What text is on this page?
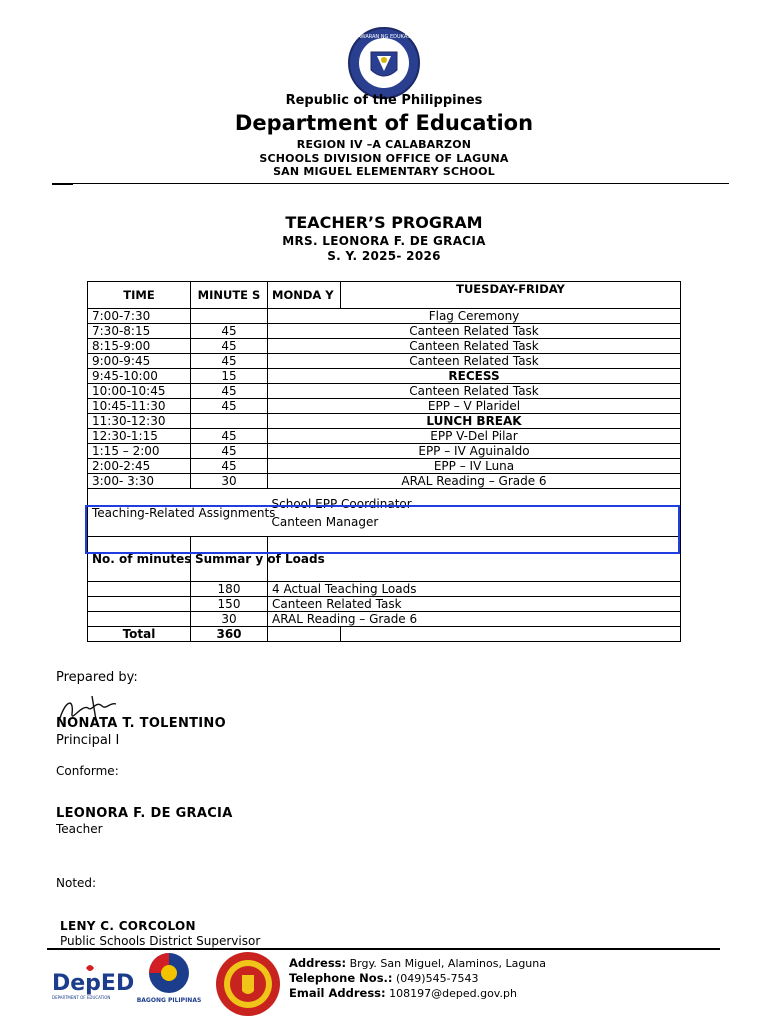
KAGAWARAN NG EDUKASYON
Republic of the Philippines
Department of Education
REGION IV –A CALABARZON
SCHOOLS DIVISION OFFICE OF LAGUNA
SAN MIGUEL ELEMENTARY SCHOOL
TEACHER’S PROGRAM
MRS. LEONORA F. DE GRACIA
S. Y. 2025- 2026
TIME	MINUTE S	MONDA Y	TUESDAY-FRIDAY
7:00-7:30		Flag Ceremony	
7:30-8:15	45	Canteen Related Task	
8:15-9:00	45	Canteen Related Task	
9:00-9:45	45	Canteen Related Task	
9:45-10:00	15	RECESS	
10:00-10:45	45	Canteen Related Task	
10:45-11:30	45	EPP – V Plaridel	
11:30-12:30		LUNCH BREAK	
12:30-1:15	45	EPP V-Del Pilar	
1:15 – 2:00	45	EPP – IV Aguinaldo	
2:00-2:45	45	EPP – IV Luna	
3:00- 3:30	30	ARAL Reading – Grade 6	
Teaching-Related Assignments		School EPP Coordinator
Canteen Manager	

No. of minutes	Summar y of Loads		
	180	4 Actual Teaching Loads	
	150	Canteen Related Task	
	30	ARAL Reading – Grade 6	
Total	360		
Prepared by:
NONATA T. TOLENTINO
Principal I
Conforme:
LEONORA F. DE GRACIA
Teacher
Noted:
LENY C. CORCOLON
Public Schools District Supervisor
DepED
DEPARTMENT OF EDUCATION	BAGONG PILIPINAS
Address: Brgy. San Miguel, Alaminos, Laguna
Telephone Nos.: (049)545-7543
Email Address: 108197@deped.gov.ph
